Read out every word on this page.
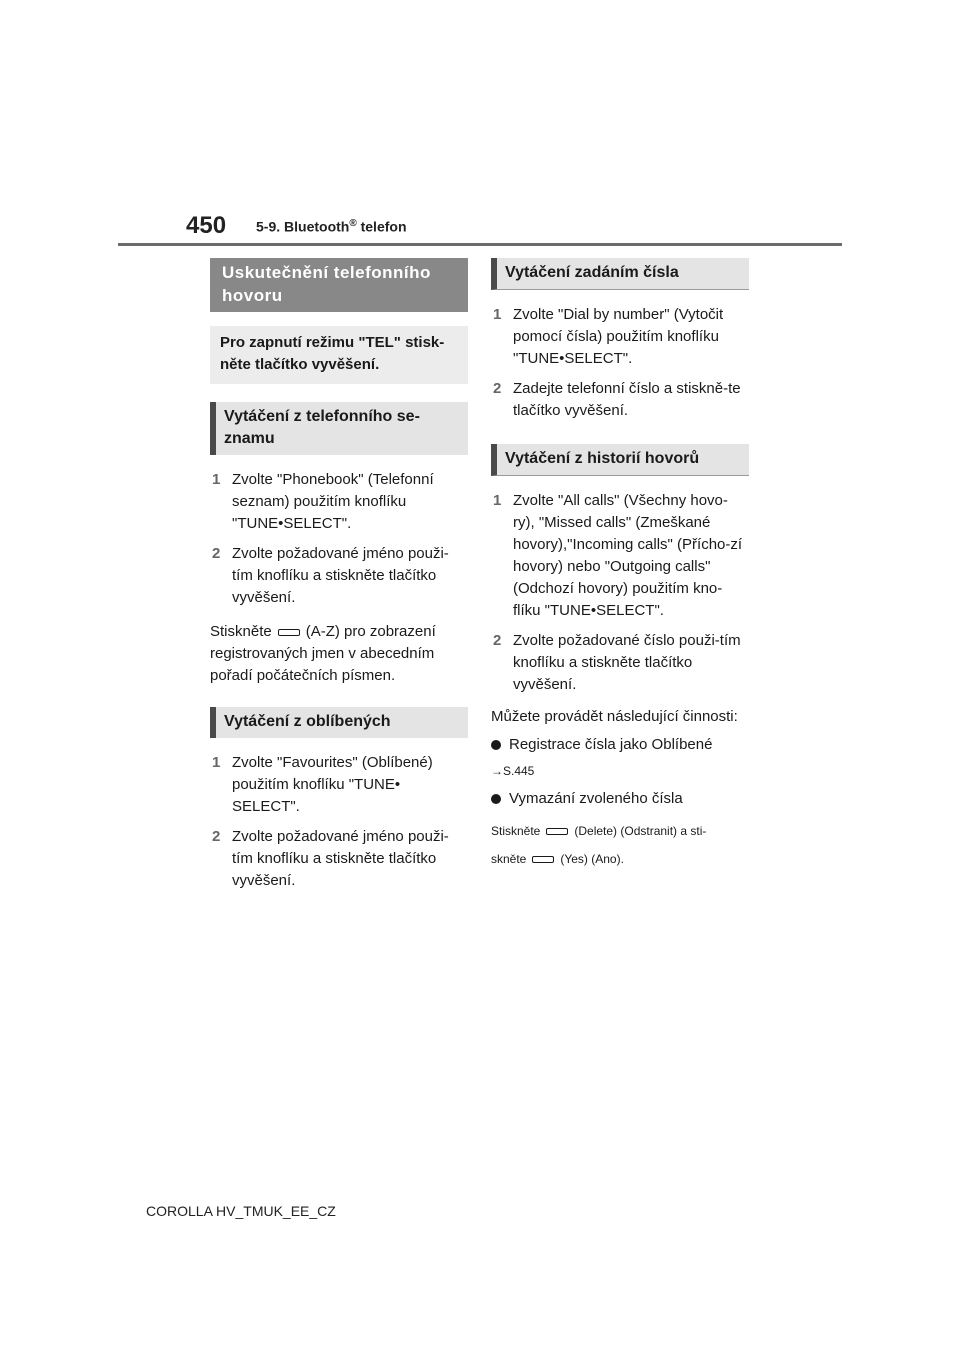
450 5-9. Bluetooth® telefon
Uskutečnění telefonního hovoru
Pro zapnutí režimu "TEL" stisk-něte tlačítko vyvěšení.
Vytáčení z telefonního se-znamu
1 Zvolte "Phonebook" (Telefonní seznam) použitím knoflíku "TUNE•SELECT".
2 Zvolte požadované jméno použi-tím knoflíku a stiskněte tlačítko vyvěšení.
Stiskněte (A-Z) pro zobrazení registrovaných jmen v abecedním pořadí počátečních písmen.
Vytáčení z oblíbených
1 Zvolte "Favourites" (Oblíbené) použitím knoflíku "TUNE• SELECT".
2 Zvolte požadované jméno použi-tím knoflíku a stiskněte tlačítko vyvěšení.
Vytáčení zadáním čísla
1 Zvolte "Dial by number" (Vytočit pomocí čísla) použitím knoflíku "TUNE•SELECT".
2 Zadejte telefonní číslo a stiskně-te tlačítko vyvěšení.
Vytáčení z historií hovorů
1 Zvolte "All calls" (Všechny hovo-ry), "Missed calls" (Zmeškané hovory),"Incoming calls" (Přícho-zí hovory) nebo "Outgoing calls" (Odchozí hovory) použitím kno-flíku "TUNE•SELECT".
2 Zvolte požadované číslo použi-tím knoflíku a stiskněte tlačítko vyvěšení.
Můžete provádět následující činnosti:
Registrace čísla jako Oblíbené
→S.445
Vymazání zvoleného čísla
Stiskněte	(Delete) (Odstranit) a sti-
skněte	(Yes) (Ano).
COROLLA HV_TMUK_EE_CZ
